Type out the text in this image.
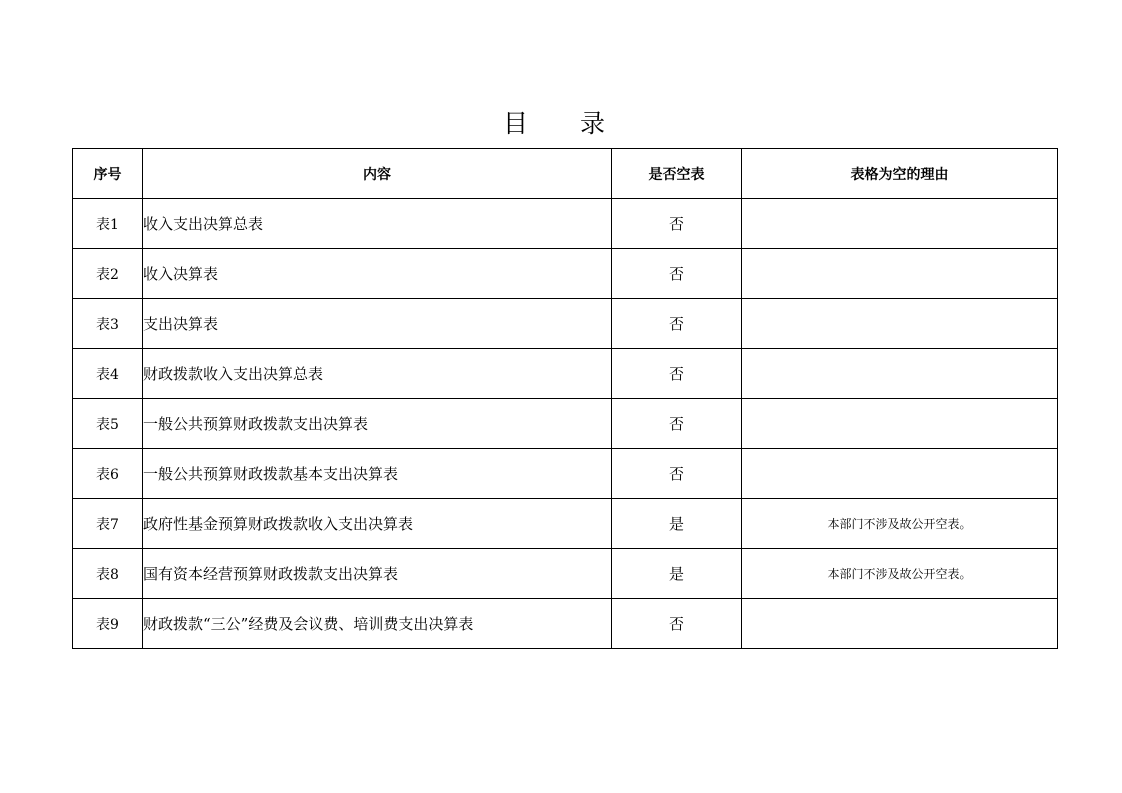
目 录
序号	内容	是否空表	表格为空的理由
表1	收入支出决算总表	否	
表2	收入决算表	否	
表3	支出决算表	否	
表4	财政拨款收入支出决算总表	否	
表5	一般公共预算财政拨款支出决算表	否	
表6	一般公共预算财政拨款基本支出决算表	否	
表7	政府性基金预算财政拨款收入支出决算表	是	本部门不涉及故公开空表。
表8	国有资本经营预算财政拨款支出决算表	是	本部门不涉及故公开空表。
表9	财政拨款“三公”经费及会议费、培训费支出决算表	否	
